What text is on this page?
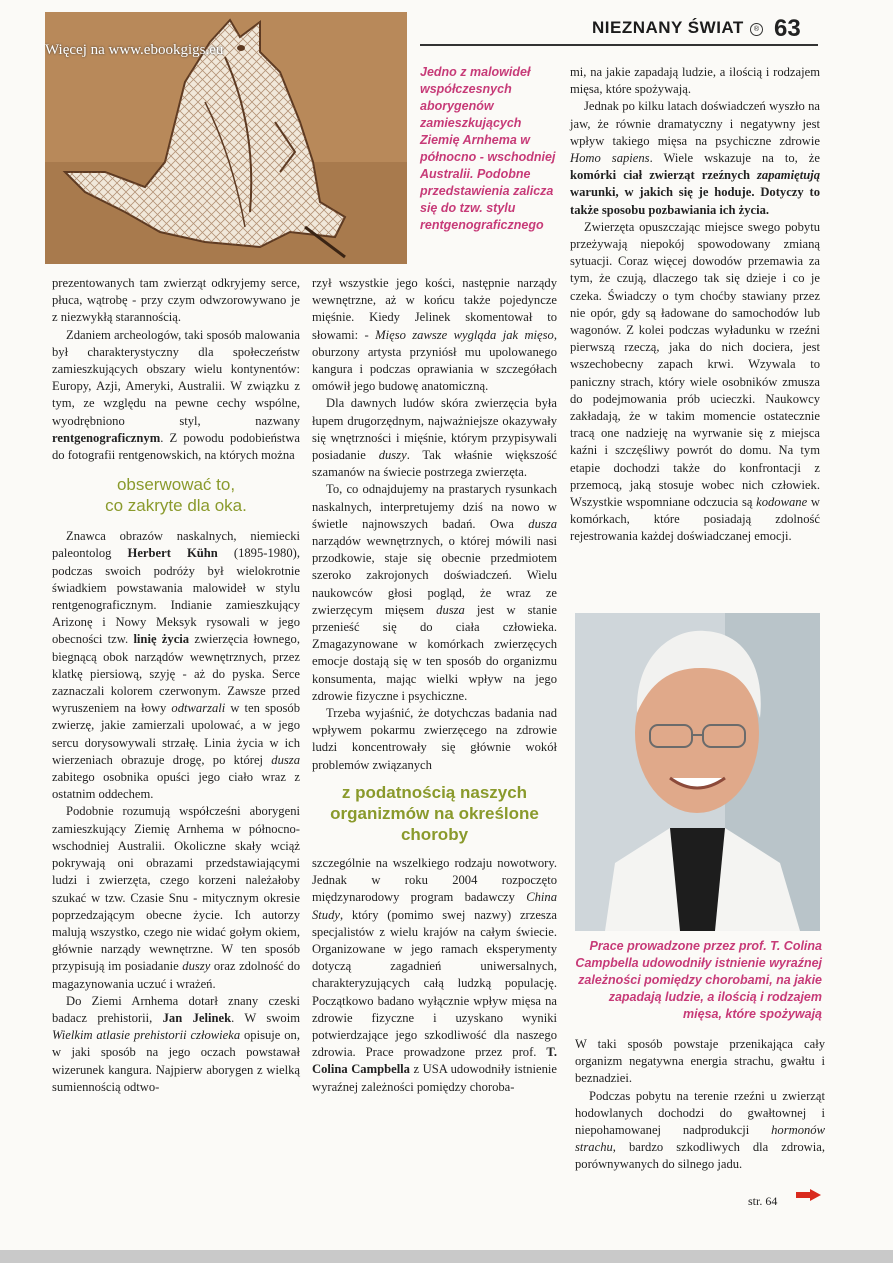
NIEZNANY ŚWIAT	® 63
Więcej na www.ebookgigs.eu
Jedno z malowideł współczesnych aborygenów zamieszkujących Ziemię Arnhema w północno - wschodniej Australii. Podobne przedstawienia zalicza się do tzw. stylu rentgenograficznego

prezentowanych tam zwierząt odkryjemy serce, płuca, wątrobę - przy czym odwzorowywano je z niezwykłą starannością.

Zdaniem archeologów, taki sposób malowania był charakterystyczny dla społeczeństw zamieszkujących obszary wielu kontynentów: Europy, Azji, Ameryki, Australii. W związku z tym, ze względu na pewne cechy wspólne, wyodrębniono styl, nazwany rentgenograficznym. Z powodu podobieństwa do fotografii rentgenowskich, na których można

obserwować to,
co zakryte dla oka.

Znawca obrazów naskalnych, niemiecki paleontolog Herbert Kühn (1895-1980), podczas swoich podróży był wielokrotnie świadkiem powstawania malowideł w stylu rentgenograficznym. Indianie zamieszkujący Arizonę i Nowy Meksyk rysowali w jego obecności tzw. linię życia zwierzęcia łownego, biegnącą obok narządów wewnętrznych, przez klatkę piersiową, szyję - aż do pyska. Serce zaznaczali kolorem czerwonym. Zawsze przed wyruszeniem na łowy odtwarzali w ten sposób zwierzę, jakie zamierzali upolować, a w jego sercu dorysowywali strzałę. Linia życia w ich wierzeniach obrazuje drogę, po której dusza zabitego osobnika opuści jego ciało wraz z ostatnim oddechem.

Podobnie rozumują współcześni aborygeni zamieszkujący Ziemię Arnhema w północno-wschodniej Australii. Okoliczne skały wciąż pokrywają oni obrazami przedstawiającymi ludzi i zwierzęta, czego korzeni należałoby szukać w tzw. Czasie Snu - mitycznym okresie poprzedzającym obecne życie. Ich autorzy malują wszystko, czego nie widać gołym okiem, głównie narządy wewnętrzne. W ten sposób przypisują im posiadanie duszy oraz zdolność do magazynowania uczuć i wrażeń.

Do Ziemi Arnhema dotarł znany czeski badacz prehistorii, Jan Jelinek. W swoim Wielkim atlasie prehistorii człowieka opisuje on, w jaki sposób na jego oczach powstawał wizerunek kangura. Najpierw aborygen z wielką sumiennością odtwo-

rzył wszystkie jego kości, następnie narządy wewnętrzne, aż w końcu także pojedyncze mięśnie. Kiedy Jelinek skomentował to słowami: - Mięso zawsze wygląda jak mięso, oburzony artysta przyniósł mu upolowanego kangura i podczas oprawiania w szczegółach omówił jego budowę anatomiczną.

Dla dawnych ludów skóra zwierzęcia była łupem drugorzędnym, najważniejsze okazywały się wnętrzności i mięśnie, którym przypisywali posiadanie duszy. Tak właśnie większość szamanów na świecie postrzega zwierzęta.

To, co odnajdujemy na prastarych rysunkach naskalnych, interpretujemy dziś na nowo w świetle najnowszych badań. Owa dusza narządów wewnętrznych, o której mówili nasi przodkowie, staje się obecnie przedmiotem szeroko zakrojonych doświadczeń. Wielu naukowców głosi pogląd, że wraz ze zwierzęcym mięsem dusza jest w stanie przenieść się do ciała człowieka. Zmagazynowane w komórkach zwierzęcych emocje dostają się w ten sposób do organizmu konsumenta, mając wielki wpływ na jego zdrowie fizyczne i psychiczne.

Trzeba wyjaśnić, że dotychczas badania nad wpływem pokarmu zwierzęcego na zdrowie ludzi koncentrowały się głównie wokół problemów związanych

z podatnością naszych
organizmów na określone
choroby

szczególnie na wszelkiego rodzaju nowotwory. Jednak w roku 2004 rozpoczęto międzynarodowy program badawczy China Study, który (pomimo swej nazwy) zrzesza specjalistów z wielu krajów na całym świecie. Organizowane w jego ramach eksperymenty dotyczą zagadnień uniwersalnych, charakteryzujących całą ludzką populację. Początkowo badano wyłącznie wpływ mięsa na zdrowie fizyczne i uzyskano wyniki potwierdzające jego szkodliwość dla naszego zdrowia. Prace prowadzone przez prof. T. Colina Campbella z USA udowodniły istnienie wyraźnej zależności pomiędzy choroba-

mi, na jakie zapadają ludzie, a ilością i rodzajem mięsa, które spożywają.

Jednak po kilku latach doświadczeń wyszło na jaw, że równie dramatyczny i negatywny jest wpływ takiego mięsa na psychiczne zdrowie Homo sapiens. Wiele wskazuje na to, że komórki ciał zwierząt rzeźnych zapamiętują warunki, w jakich się je hoduje. Dotyczy to także sposobu pozbawiania ich życia.

Zwierzęta opuszczając miejsce swego pobytu przeżywają niepokój spowodowany zmianą sytuacji. Coraz więcej dowodów przemawia za tym, że czują, dlaczego tak się dzieje i co je czeka. Świadczy o tym choćby stawiany przez nie opór, gdy są ładowane do samochodów lub wagonów. Z kolei podczas wyładunku w rzeźni pierwszą rzeczą, jaka do nich dociera, jest wszechobecny zapach krwi. Wzywala to paniczny strach, który wiele osobników zmusza do podejmowania prób ucieczki. Naukowcy zakładają, że w takim momencie ostatecznie tracą one nadzieję na wyrwanie się z miejsca kaźni i szczęśliwy powrót do domu. Na tym etapie dochodzi także do konfrontacji z przemocą, jaką stosuje wobec nich człowiek. Wszystkie wspomniane odczucia są kodowane w komórkach, które posiadają zdolność rejestrowania każdej doświadczanej emocji.

Prace prowadzone przez prof. T. Colina Campbella udowodniły istnienie wyraźnej zależności pomiędzy chorobami, na jakie zapadają ludzie, a ilością i rodzajem mięsa, które spożywają

W taki sposób powstaje przenikająca cały organizm negatywna energia strachu, gwałtu i beznadziei.

Podczas pobytu na terenie rzeźni u zwierząt hodowlanych dochodzi do gwałtownej i niepohamowanej nadprodukcji hormonów strachu, bardzo szkodliwych dla zdrowia, porównywanych do silnego jadu.

str. 64
